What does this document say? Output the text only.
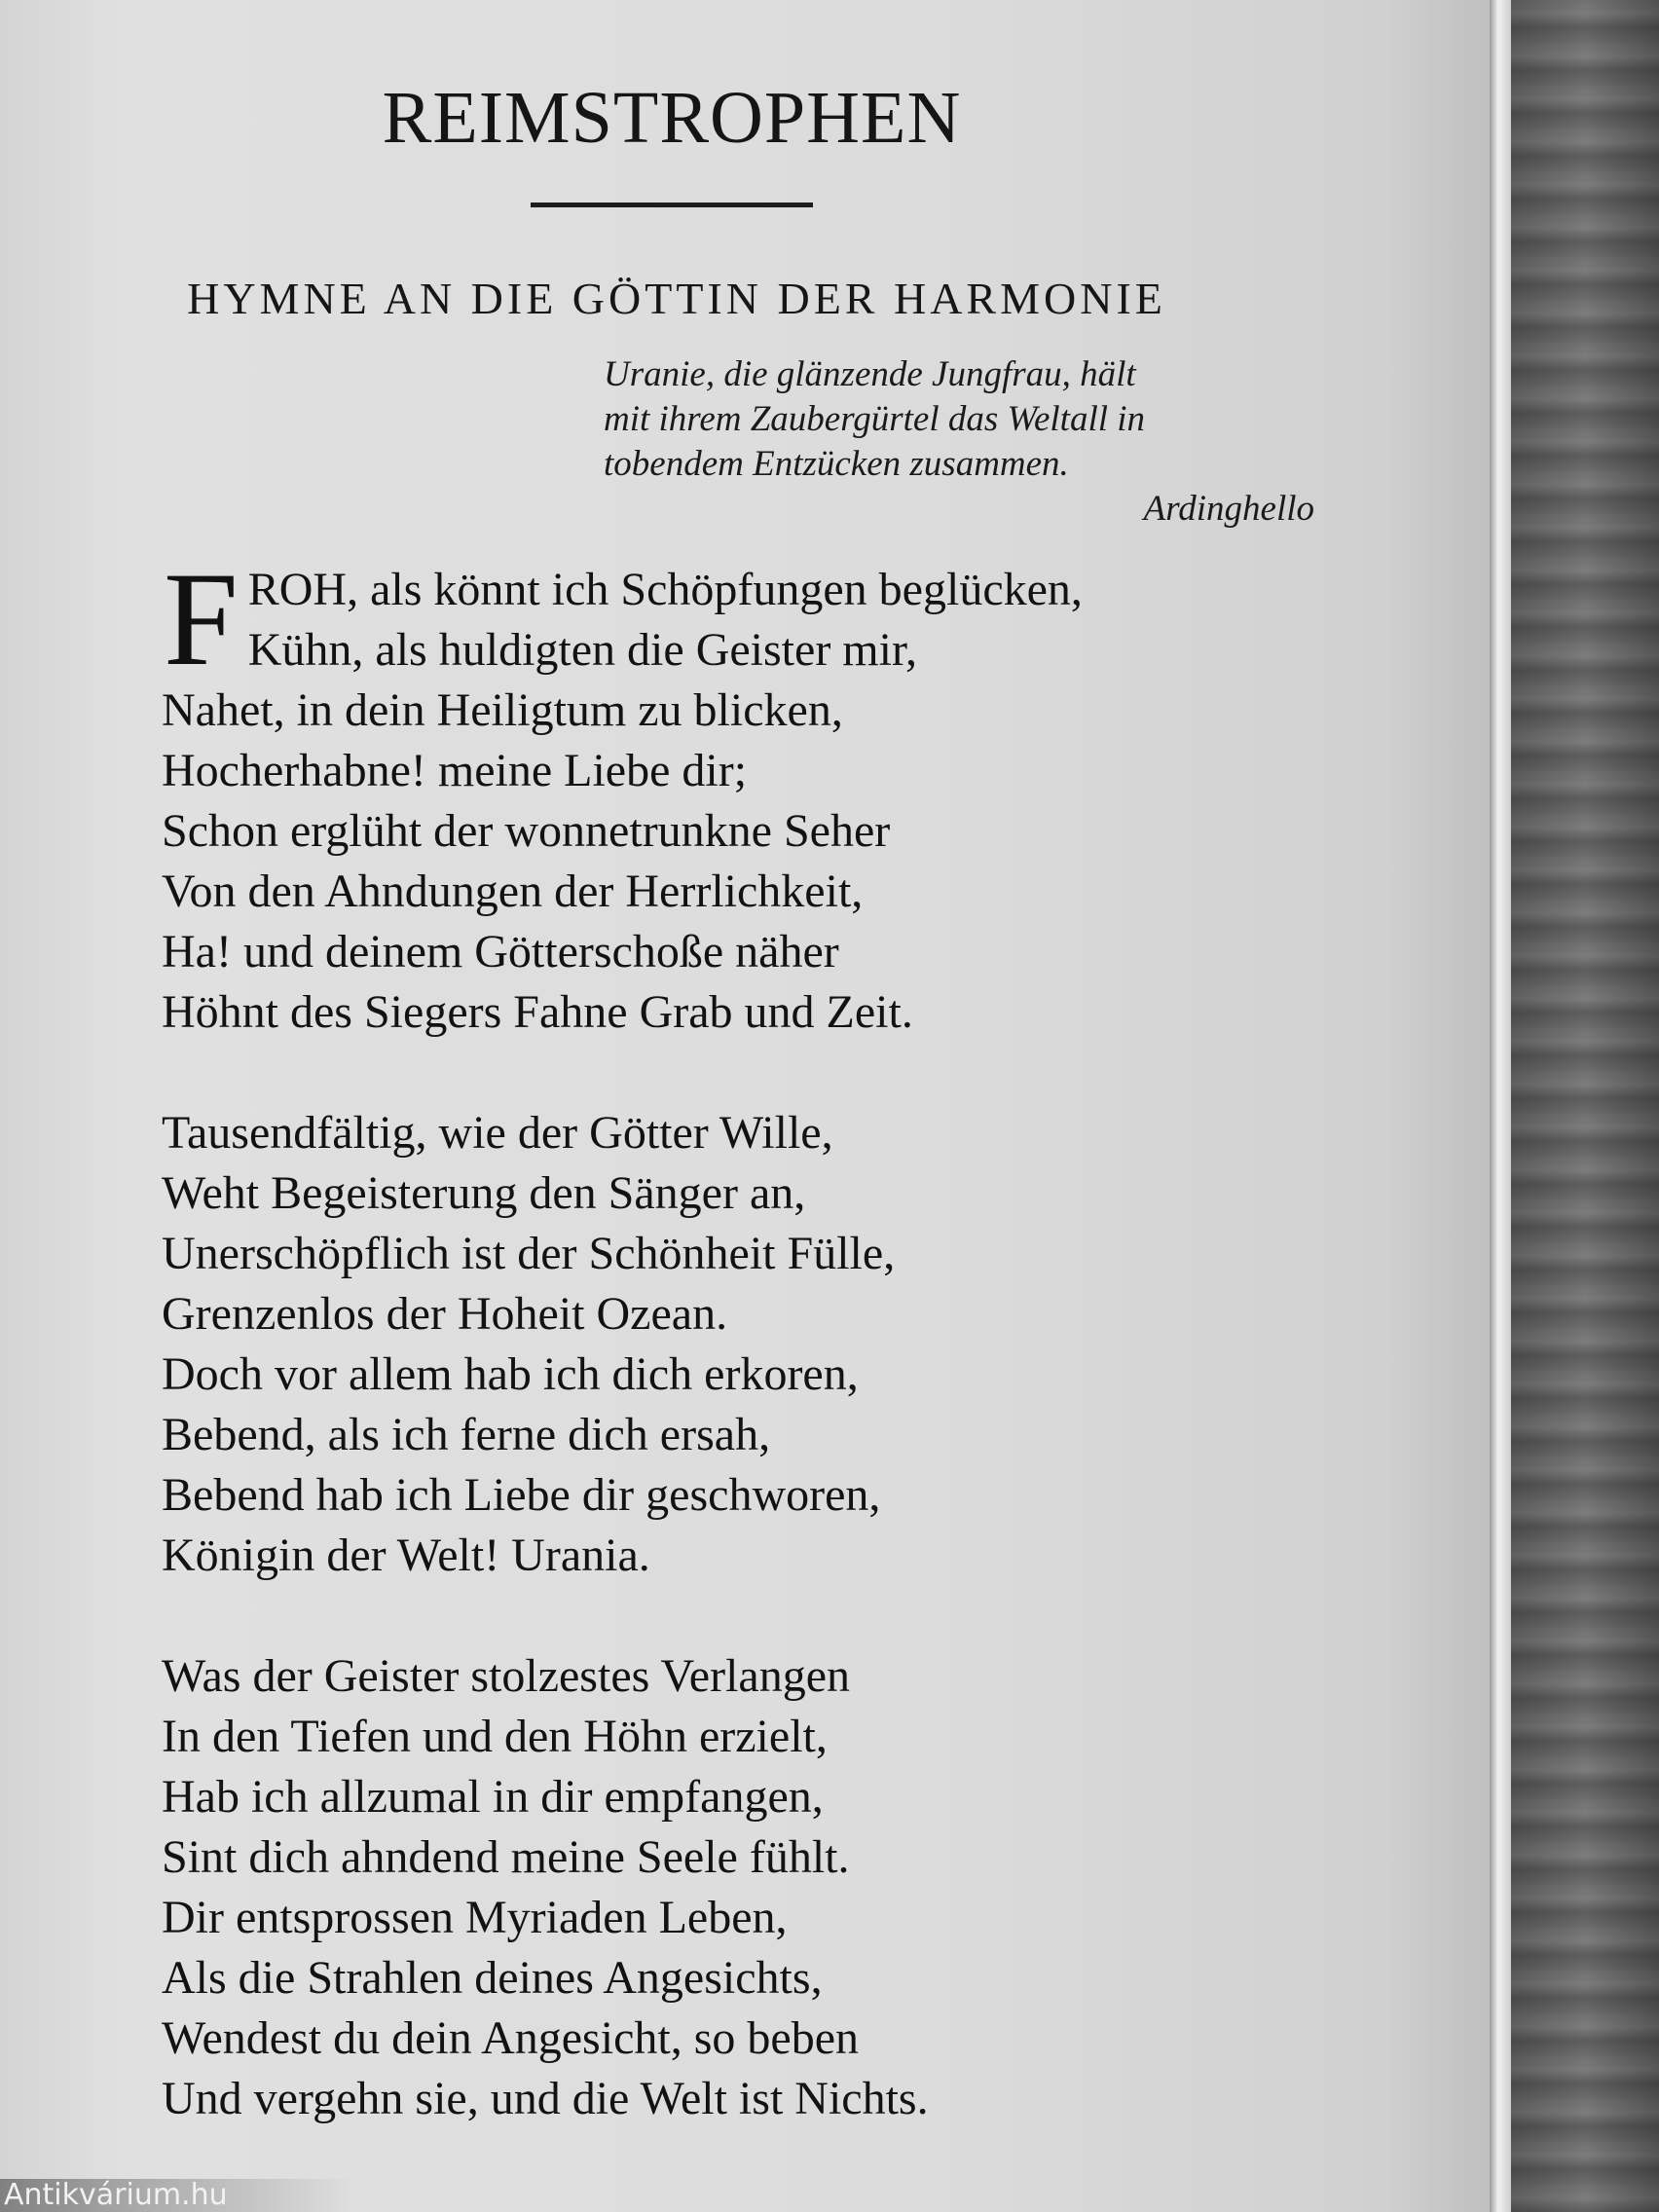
REIMSTROPHEN
HYMNE AN DIE GÖTTIN DER HARMONIE
Uranie, die glänzende Jungfrau, hält
mit ihrem Zaubergürtel das Weltall in
tobendem Entzücken zusammen.
Ardinghello
F ROH, als könnt ich Schöpfungen beglücken,
Kühn, als huldigten die Geister mir,
Nahet, in dein Heiligtum zu blicken,
Hocherhabne! meine Liebe dir;
Schon erglüht der wonnetrunkne Seher
Von den Ahndungen der Herrlichkeit,
Ha! und deinem Götterschoße näher
Höhnt des Siegers Fahne Grab und Zeit.
Tausendfältig, wie der Götter Wille,
Weht Begeisterung den Sänger an,
Unerschöpflich ist der Schönheit Fülle,
Grenzenlos der Hoheit Ozean.
Doch vor allem hab ich dich erkoren,
Bebend, als ich ferne dich ersah,
Bebend hab ich Liebe dir geschworen,
Königin der Welt! Urania.
Was der Geister stolzestes Verlangen
In den Tiefen und den Höhn erzielt,
Hab ich allzumal in dir empfangen,
Sint dich ahndend meine Seele fühlt.
Dir entsprossen Myriaden Leben,
Als die Strahlen deines Angesichts,
Wendest du dein Angesicht, so beben
Und vergehn sie, und die Welt ist Nichts.
Antikvárium.hu
